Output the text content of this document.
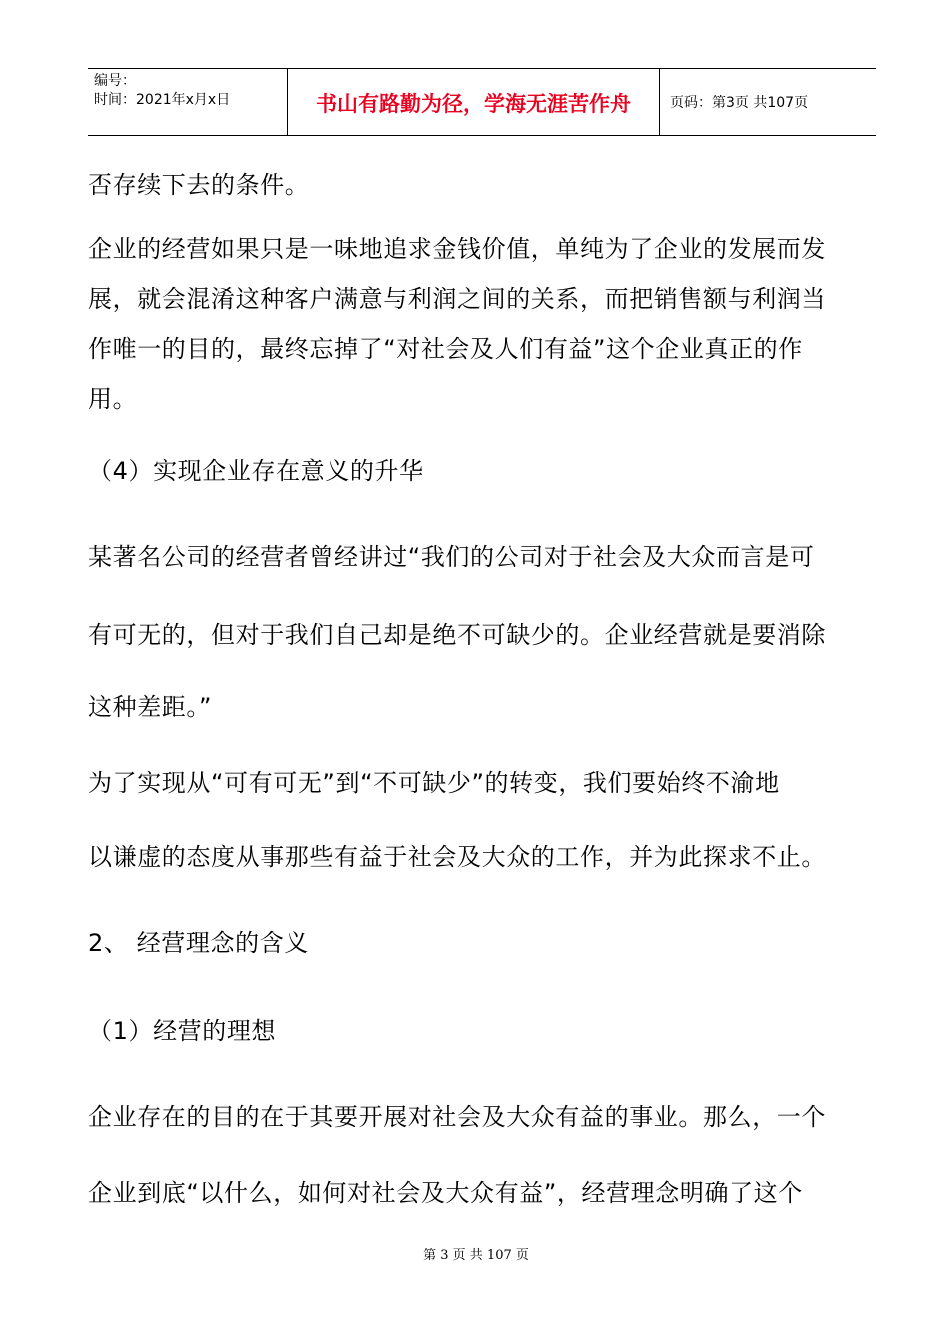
编号：
时间：2021年x月x日	书山有路勤为径，学海无涯苦作舟	页码：第3页 共107页
否存续下去的条件。
企业的经营如果只是一味地追求金钱价值，单纯为了企业的发展而发
展，就会混淆这种客户满意与利润之间的关系，而把销售额与利润当
作唯一的目的，最终忘掉了“对社会及人们有益”这个企业真正的作
用。
（4）实现企业存在意义的升华
某著名公司的经营者曾经讲过“我们的公司对于社会及大众而言是可
有可无的，但对于我们自己却是绝不可缺少的。企业经营就是要消除
这种差距。”
为了实现从“可有可无”到“不可缺少”的转变，我们要始终不渝地
以谦虚的态度从事那些有益于社会及大众的工作，并为此探求不止。
2、 经营理念的含义
（1）经营的理想
企业存在的目的在于其要开展对社会及大众有益的事业。那么，一个
企业到底“以什么，如何对社会及大众有益”，经营理念明确了这个
第 3 页 共 107 页
